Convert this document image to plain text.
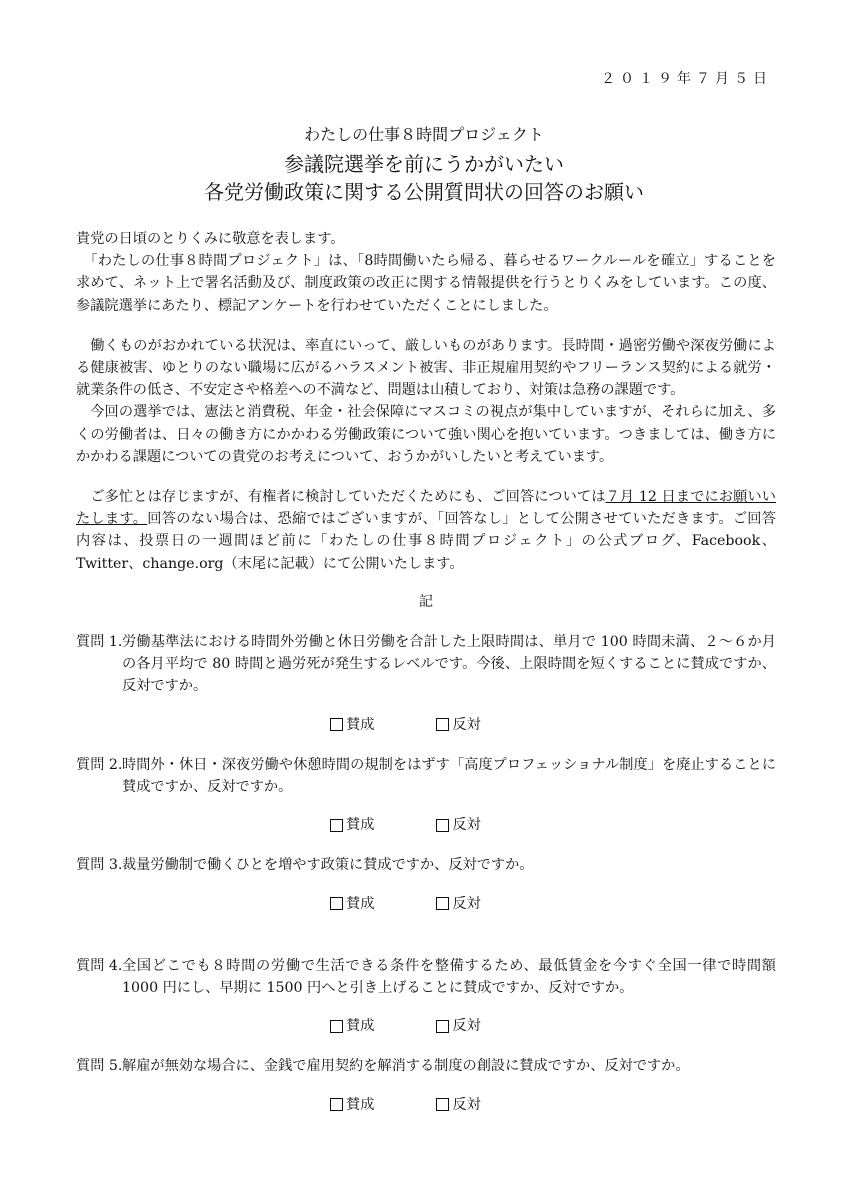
２０１９年７月５日
わたしの仕事８時間プロジェクト
参議院選挙を前にうかがいたい
各党労働政策に関する公開質問状の回答のお願い

貴党の日頃のとりくみに敬意を表します。

　「わたしの仕事８時間プロジェクト」は、「8時間働いたら帰る、暮らせるワークルールを確立」することを求めて、ネット上で署名活動及び、制度政策の改正に関する情報提供を行うとりくみをしています。この度、参議院選挙にあたり、標記アンケートを行わせていただくことにしました。

　働くものがおかれている状況は、率直にいって、厳しいものがあります。長時間・過密労働や深夜労働による健康被害、ゆとりのない職場に広がるハラスメント被害、非正規雇用契約やフリーランス契約による就労・就業条件の低さ、不安定さや格差への不満など、問題は山積しており、対策は急務の課題です。

　今回の選挙では、憲法と消費税、年金・社会保障にマスコミの視点が集中していますが、それらに加え、多くの労働者は、日々の働き方にかかわる労働政策について強い関心を抱いています。つきましては、働き方にかかわる課題についての貴党のお考えについて、おうかがいしたいと考えています。

　ご多忙とは存じますが、有権者に検討していただくためにも、ご回答については７月 12 日までにお願いいたします。回答のない場合は、恐縮ではございますが、「回答なし」として公開させていただきます。ご回答内容は、投票日の一週間ほど前に「わたしの仕事８時間プロジェクト」の公式ブログ、Facebook、Twitter、change.org（末尾に記載）にて公開いたします。

記
質問 1. 労働基準法における時間外労働と休日労働を合計した上限時間は、単月で 100 時間未満、２～６か月の各月平均で 80 時間と過労死が発生するレベルです。今後、上限時間を短くすることに賛成ですか、反対ですか。
賛成	反対
質問 2. 時間外・休日・深夜労働や休憩時間の規制をはずす「高度プロフェッショナル制度」を廃止することに賛成ですか、反対ですか。
賛成	反対
質問 3. 裁量労働制で働くひとを増やす政策に賛成ですか、反対ですか。
賛成	反対
質問 4. 全国どこでも８時間の労働で生活できる条件を整備するため、最低賃金を今すぐ全国一律で時間額 1000 円にし、早期に 1500 円へと引き上げることに賛成ですか、反対ですか。
賛成	反対
質問 5. 解雇が無効な場合に、金銭で雇用契約を解消する制度の創設に賛成ですか、反対ですか。
賛成	反対
